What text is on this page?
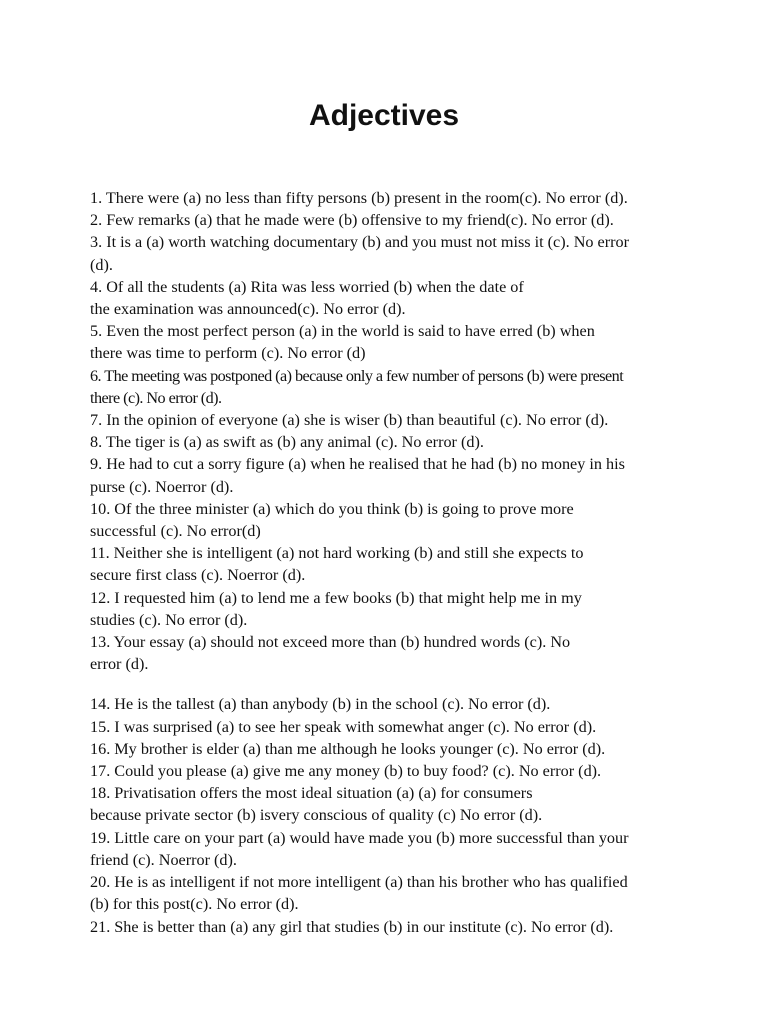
Adjectives
1. There were (a) no less than fifty persons (b) present in the room(c). No error (d).
2. Few remarks (a) that he made were (b) offensive to my friend(c). No error (d).
3. It is a (a) worth watching documentary (b) and you must not miss it (c). No error
(d).
4. Of all the students (a) Rita was less worried (b) when the date of
the examination was announced(c). No error (d).
5. Even the most perfect person (a) in the world is said to have erred (b) when
there was time to perform (c). No error (d)
6. The meeting was postponed (a) because only a few number of persons (b) were present
there (c). No error (d).
7. In the opinion of everyone (a) she is wiser (b) than beautiful (c). No error (d).
8. The tiger is (a) as swift as (b) any animal (c). No error (d).
9. He had to cut a sorry figure (a) when he realised that he had (b) no money in his
purse (c). Noerror (d).
10. Of the three minister (a) which do you think (b) is going to prove more
successful (c). No error(d)
11. Neither she is intelligent (a) not hard working (b) and still she expects to
secure first class (c). Noerror (d).
12. I requested him (a) to lend me a few books (b) that might help me in my
studies (c). No error (d).
13. Your essay (a) should not exceed more than (b) hundred words (c). No
error (d).
14. He is the tallest (a) than anybody (b) in the school (c). No error (d).
15. I was surprised (a) to see her speak with somewhat anger (c). No error (d).
16. My brother is elder (a) than me although he looks younger (c). No error (d).
17. Could you please (a) give me any money (b) to buy food? (c). No error (d).
18. Privatisation offers the most ideal situation (a) (a) for consumers
because private sector (b) isvery conscious of quality (c) No error (d).
19. Little care on your part (a) would have made you (b) more successful than your
friend (c). Noerror (d).
20. He is as intelligent if not more intelligent (a) than his brother who has qualified
(b) for this post(c). No error (d).
21. She is better than (a) any girl that studies (b) in our institute (c). No error (d).
